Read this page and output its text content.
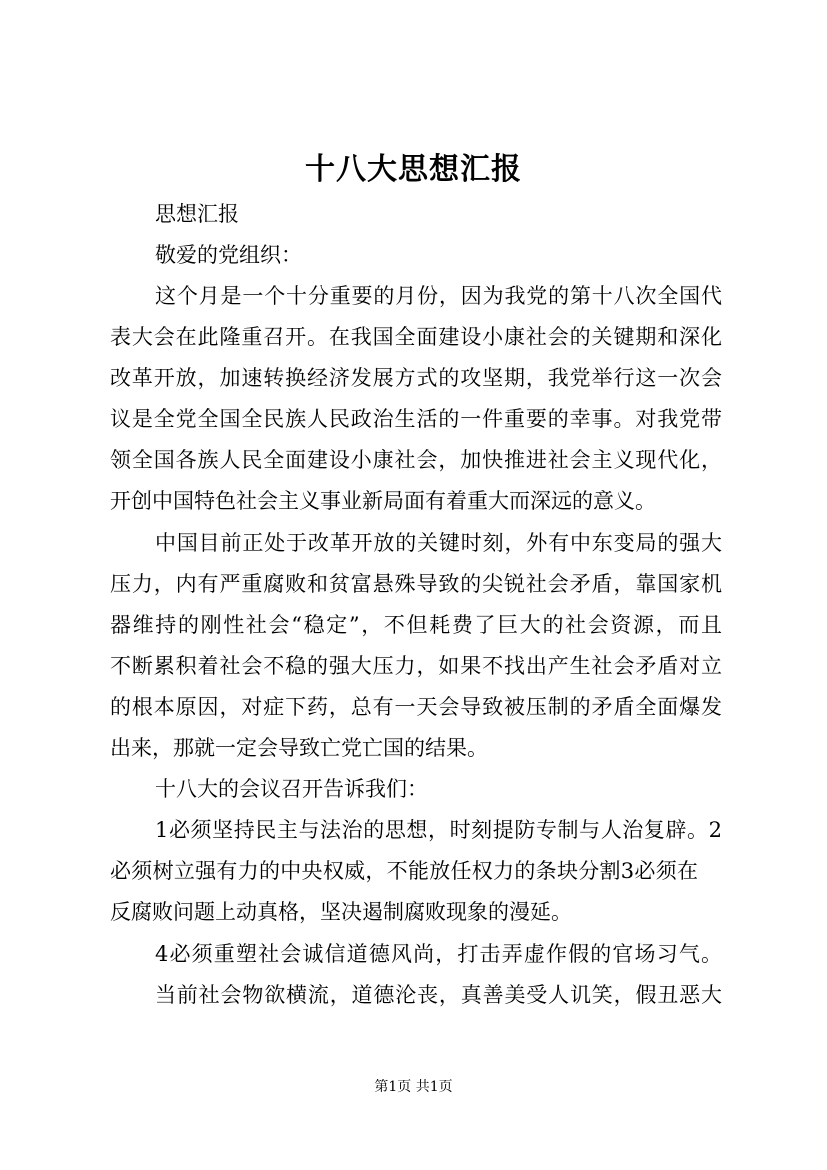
十八大思想汇报
思想汇报
敬爱的党组织：
这个月是一个十分重要的月份，因为我党的第十八次全国代
表大会在此隆重召开。在我国全面建设小康社会的关键期和深化
改革开放，加速转换经济发展方式的攻坚期，我党举行这一次会
议是全党全国全民族人民政治生活的一件重要的幸事。对我党带
领全国各族人民全面建设小康社会，加快推进社会主义现代化，
开创中国特色社会主义事业新局面有着重大而深远的意义。
中国目前正处于改革开放的关键时刻，外有中东变局的强大
压力，内有严重腐败和贫富悬殊导致的尖锐社会矛盾，靠国家机
器维持的刚性社会“稳定”，不但耗费了巨大的社会资源，而且
不断累积着社会不稳的强大压力，如果不找出产生社会矛盾对立
的根本原因，对症下药，总有一天会导致被压制的矛盾全面爆发
出来，那就一定会导致亡党亡国的结果。
十八大的会议召开告诉我们：
1必须坚持民主与法治的思想，时刻提防专制与人治复辟。2
必须树立强有力的中央权威，不能放任权力的条块分割3必须在
反腐败问题上动真格，坚决遏制腐败现象的漫延。
4必须重塑社会诚信道德风尚，打击弄虚作假的官场习气。
当前社会物欲横流，道德沦丧，真善美受人讥笑，假丑恶大
第1页 共1页
